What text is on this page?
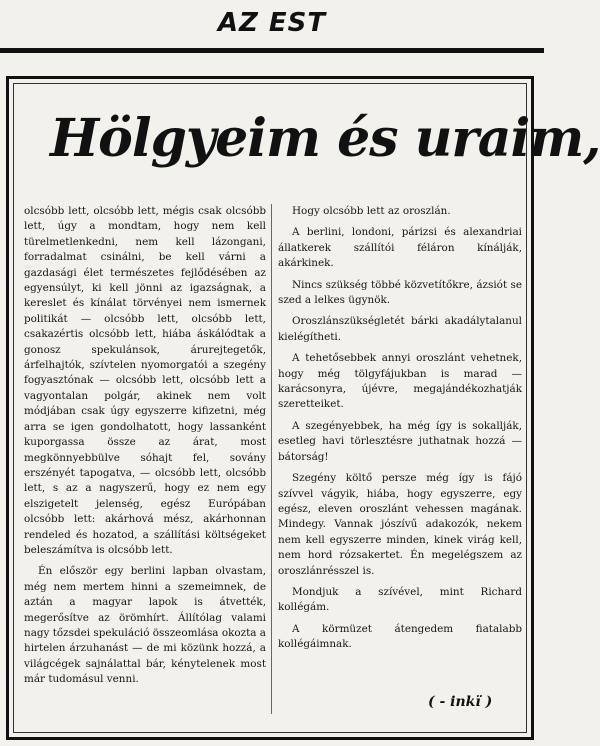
AZ EST
Hölgyeim és uraim,

olcsóbb lett, olcsóbb lett, mégis csak olcsóbb lett, úgy a mondtam, hogy nem kell türelmetlenkedni, nem kell lázongani, forradalmat csinálni, be kell várni a gazdasági élet természetes fejlődésében az egyensúlyt, ki kell jönni az igazságnak, a kereslet és kínálat törvényei nem ismernek politikát — olcsóbb lett, olcsóbb lett, csakazértis olcsóbb lett, hiába áskálódtak a gonosz spekulánsok, árurejtegetők, árfelhajtók, szívtelen nyomorgatói a szegény fogyasztónak — olcsóbb lett, olcsóbb lett a vagyontalan polgár, akinek nem volt módjában csak úgy egyszerre kifizetni, még arra se igen gondolhatott, hogy lassanként kuporgassa össze az árat, most megkönnyebbülve sóhajt fel, sovány erszényét tapogatva, — olcsóbb lett, olcsóbb lett, s az a nagyszerű, hogy ez nem egy elszigetelt jelenség, egész Európában olcsóbb lett: akárhová mész, akárhonnan rendeled és hozatod, a szállítási költségeket beleszámítva is olcsóbb lett.

Én először egy berlini lapban olvastam, még nem mertem hinni a szemeimnek, de aztán a magyar lapok is átvették, megerősítve az örömhírt. Állítólag valami nagy tőzsdei spekuláció összeomlása okozta a hirtelen árzuhanást — de mi közünk hozzá, a világcégek sajnálattal bár, kénytelenek most már tudomásul venni.

Hogy olcsóbb lett az oroszlán.

A berlini, londoni, párizsi és alexandriai állatkerek szállítói féláron kínálják, akárkinek.

Nincs szükség többé közvetítőkre, ázsiót se szed a lelkes ügynök.

Oroszlánszükségletét bárki akadálytalanul kielégítheti.

A tehetősebbek annyi oroszlánt vehetnek, hogy még tölgyfájukban is marad — karácsonyra, újévre, megajándékozhatják szeretteiket.

A szegényebbek, ha még így is sokallják, esetleg havi törlesztésre juthatnak hozzá — bátorság!

Szegény költő persze még így is fájó szívvel vágyik, hiába, hogy egyszerre, egy egész, eleven oroszlánt vehessen magának. Mindegy. Vannak jószívű adakozók, nekem nem kell egyszerre minden, kinek virág kell, nem hord rózsakertet. Én megelégszem az oroszlánrésszel is.

Mondjuk a szívével, mint Richard kollégám.

A körmüzet átengedem fiatalabb kollégáimnak.

( - inkï )
